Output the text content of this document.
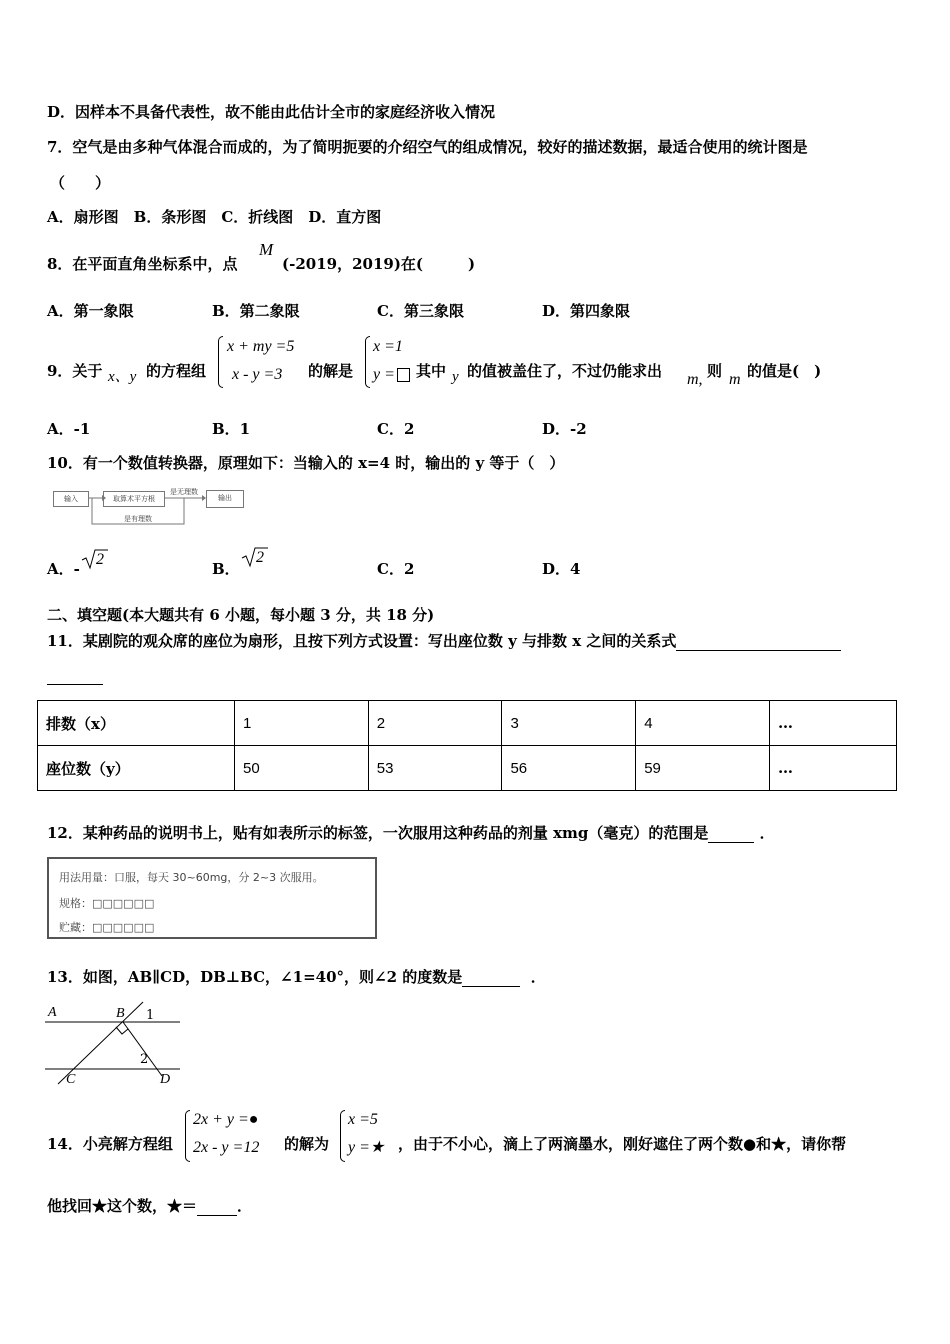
D．因样本不具备代表性，故不能由此估计全市的家庭经济收入情况
7．空气是由多种气体混合而成的，为了简明扼要的介绍空气的组成情况，较好的描述数据，最适合使用的统计图是
（　　）
A．扇形图　B．条形图　C．折线图　D．直方图
8．在平面直角坐标系中，点
M
(-2019，2019)在(　　　)
A．第一象限	B．第二象限	C．第三象限	D．第四象限
9．关于 x、y 的方程组
x + my =5
x - y =3 的解是
x =1
y = 其中 y 的值被盖住了，不过仍能求出 m, 则 m 的值是(　)
A．-1	B．1	C．2	D．-2
10．有一个数值转换器，原理如下：当输入的 x=4 时，输出的 y 等于（　）
输入	取算术平方根	输出
是无理数
是有理数
A．-
2
B．
2
C．2	D．4
二、填空题(本大题共有 6 小题，每小题 3 分，共 18 分)
11．某剧院的观众席的座位为扇形，且按下列方式设置：写出座位数 y 与排数 x 之间的关系式
排数（x）	1	2	3	4	…
座位数（y）	50	53	56	59	…
12．某种药品的说明书上，贴有如表所示的标签，一次服用这种药品的剂量 xmg（毫克）的范围是	．
用法用量：口服，每天 30~60mg，分 2~3 次服用。
规格：□□□□□□
贮藏：□□□□□□
13．如图，AB∥CD，DB⊥BC，∠1=40°，则∠2 的度数是	．
A	B 1
2
C	D
14．小亮解方程组
2x + y =●
2x - y =12 的解为
x =5
y =★ ，由于不小心，滴上了两滴墨水，刚好遮住了两个数●和★，请你帮
他找回★这个数，★＝	．
